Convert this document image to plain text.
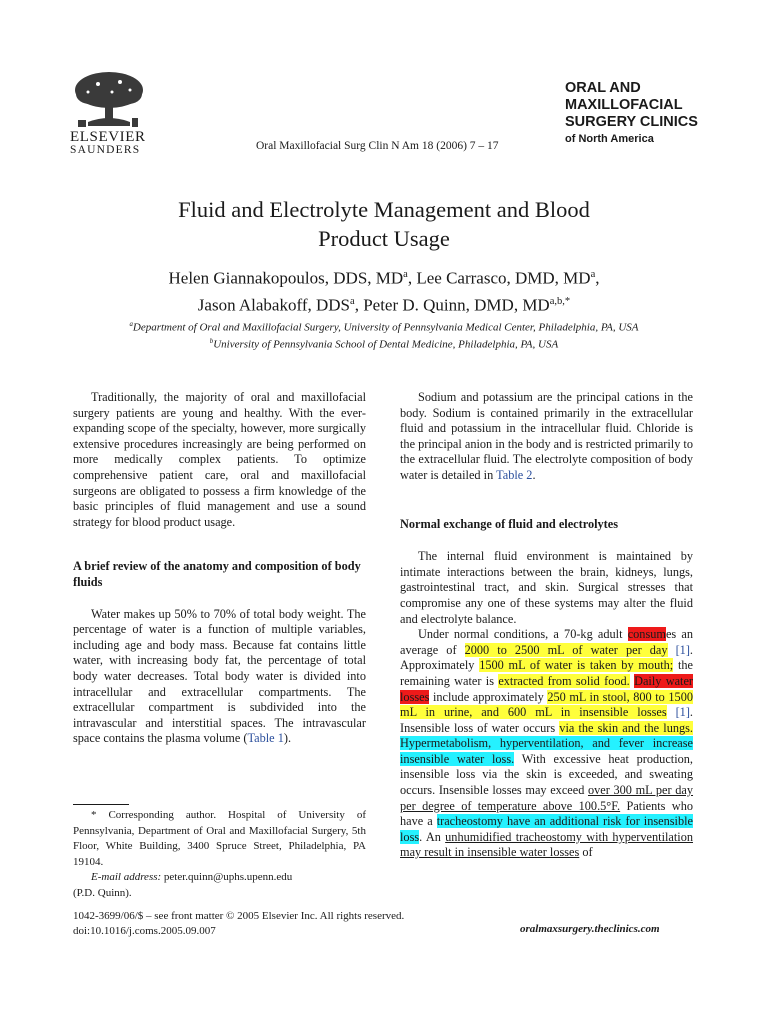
ELSEVIER
SAUNDERS	Oral Maxillofacial Surg Clin N Am 18 (2006) 7 – 17
ORAL AND
MAXILLOFACIAL
SURGERY CLINICS
of North America
Fluid and Electrolyte Management and Blood
Product Usage
Helen Giannakopoulos, DDS, $MD^a$, Lee Carrasco, DMD, $MD^a$,
Jason Alabakoff, DDS$^a$, Peter D. Quinn, DMD, $MD^{a,b,*}$
$^a$Department of Oral and Maxillofacial Surgery, University of Pennsylvania Medical Center, Philadelphia, PA, USA
$^b$University of Pennsylvania School of Dental Medicine, Philadelphia, PA, USA

Traditionally, the majority of oral and maxillofacial surgery patients are young and healthy. With the ever-expanding scope of the specialty, however, more surgically extensive procedures increasingly are being performed on more medically complex patients. To optimize comprehensive patient care, oral and maxillofacial surgeons are obligated to possess a firm knowledge of the basic principles of fluid management and use a sound strategy for blood product usage.

A brief review of the anatomy and composition of body fluids

Water makes up 50% to 70% of total body weight. The percentage of water is a function of multiple variables, including age and body mass. Because fat contains little water, with increasing body fat, the percentage of total body water decreases. Total body water is divided into intracellular and extracellular compartments. The extracellular compartment is subdivided into the intravascular and interstitial spaces. The intravascular space contains the plasma volume (Table 1).

Sodium and potassium are the principal cations in the body. Sodium is contained primarily in the extracellular fluid and potassium in the intracellular fluid. Chloride is the principal anion in the body and is restricted primarily to the extracellular fluid. The electrolyte composition of body water is detailed in Table 2.

Normal exchange of fluid and electrolytes

The internal fluid environment is maintained by intimate interactions between the brain, kidneys, lungs, gastrointestinal tract, and skin. Surgical stresses that compromise any one of these systems may alter the fluid and electrolyte balance.

Under normal conditions, a 70-kg adult consumes an average of 2000 to 2500 mL of water per day [1]. Approximately 1500 mL of water is taken by mouth; the remaining water is extracted from solid food. Daily water losses include approximately 250 mL in stool, 800 to 1500 mL in urine, and 600 mL in insensible losses [1]. Insensible loss of water occurs via the skin and the lungs. Hypermetabolism, hyperventilation, and fever increase insensible water loss. With excessive heat production, insensible loss via the skin is exceeded, and sweating occurs. Insensible losses may exceed over 300 mL per day per degree of temperature above 100.5°F. Patients who have a tracheostomy have an additional risk for insensible loss. An unhumidified tracheostomy with hyperventilation may result in insensible water losses of

* Corresponding author. Hospital of University of Pennsylvania, Department of Oral and Maxillofacial Surgery, 5th Floor, White Building, 3400 Spruce Street, Philadelphia, PA 19104.

E-mail address: peter.quinn@uphs.upenn.edu

(P.D. Quinn).
1042-3699/06/$ – see front matter © 2005 Elsevier Inc. All rights reserved.
doi:10.1016/j.coms.2005.09.007	oralmaxsurgery.theclinics.com
